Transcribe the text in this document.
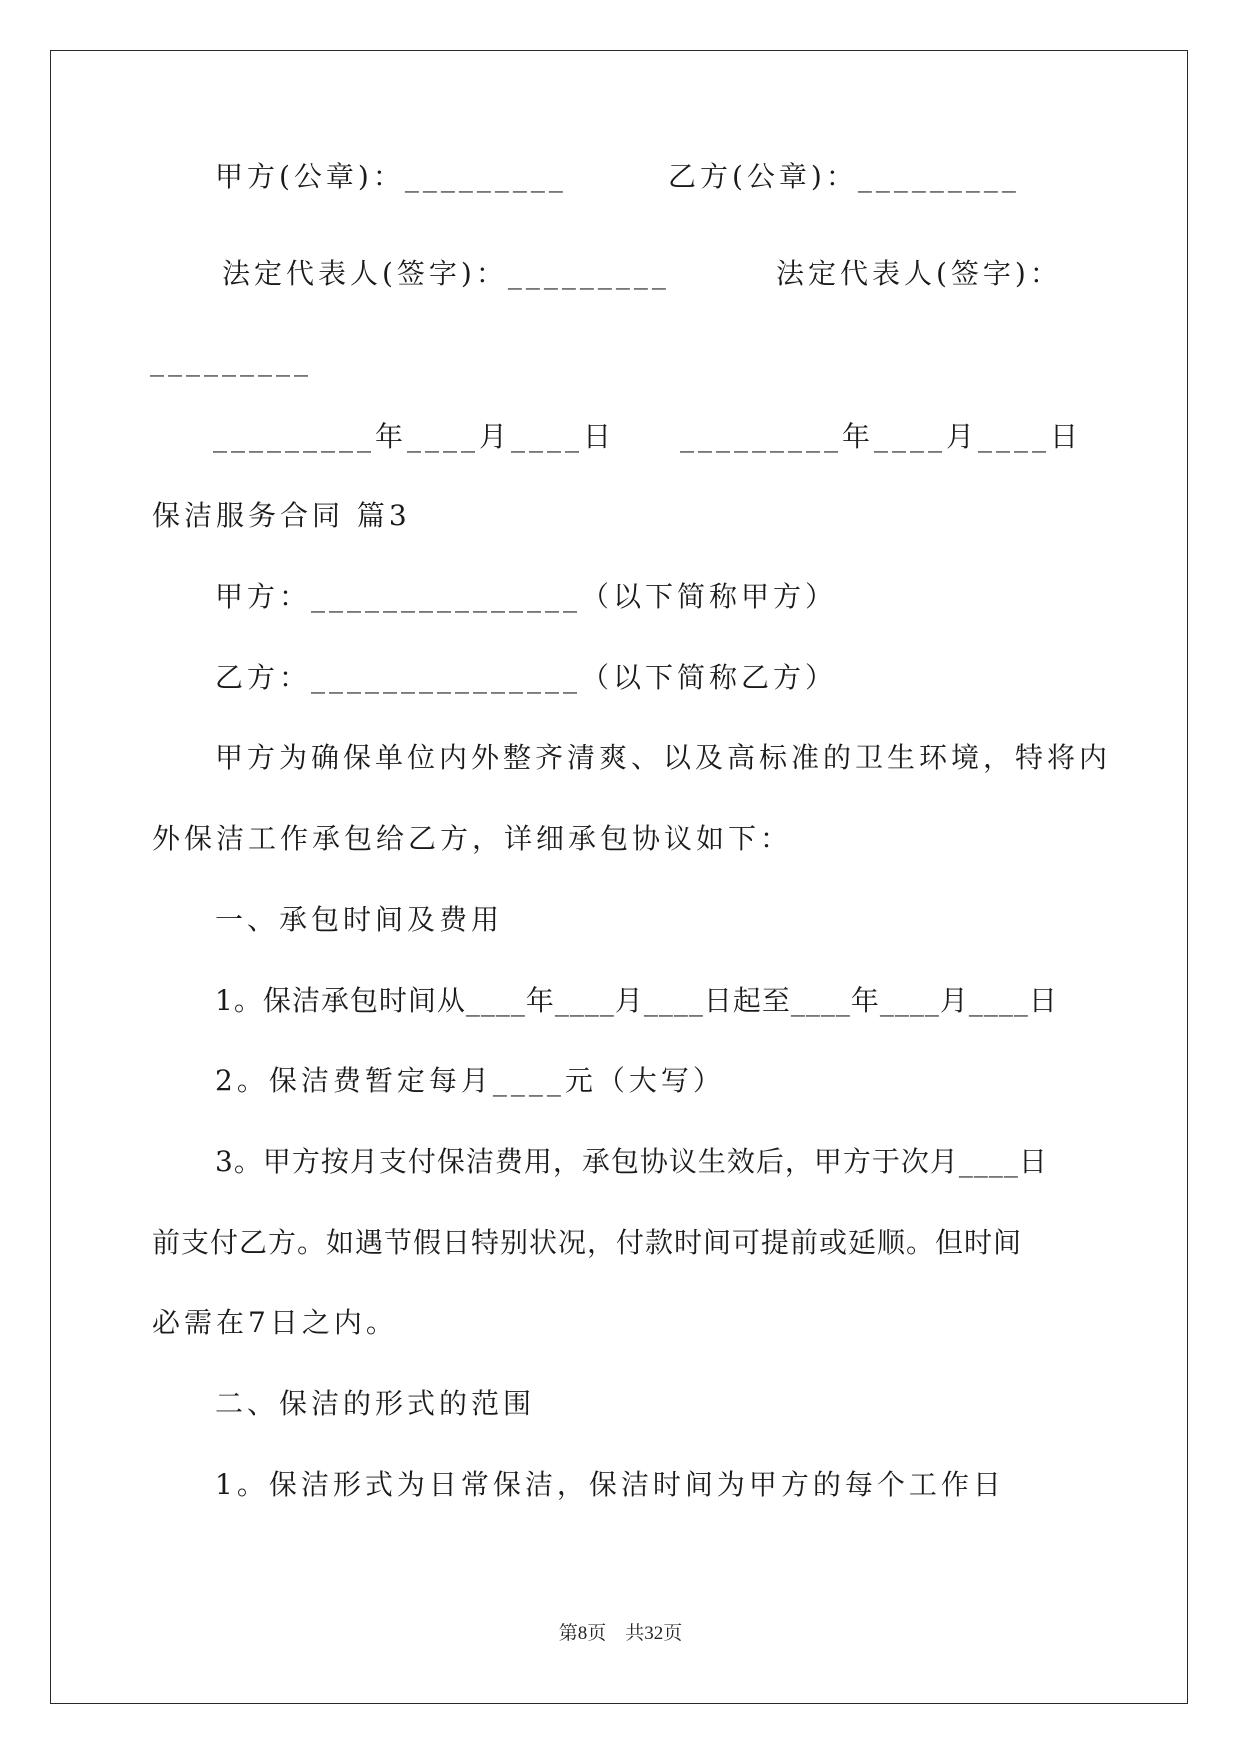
甲方(公章)：_________	乙方(公章)：_________
法定代表人(签字)：_________	法定代表人(签字)：
_________
_________年____月____日 _________年____月____日
保洁服务合同 篇3
甲方：_______________（以下简称甲方）
乙方：_______________（以下简称乙方）
甲方为确保单位内外整齐清爽、以及高标准的卫生环境，特将内
外保洁工作承包给乙方，详细承包协议如下：
一、承包时间及费用
1。保洁承包时间从____年____月____日起至____年____月____日
2。保洁费暂定每月____元（大写）
3。甲方按月支付保洁费用，承包协议生效后，甲方于次月____日
前支付乙方。如遇节假日特别状况，付款时间可提前或延顺。但时间
必需在7日之内。
二、保洁的形式的范围
1。保洁形式为日常保洁，保洁时间为甲方的每个工作日
第8页　共32页
